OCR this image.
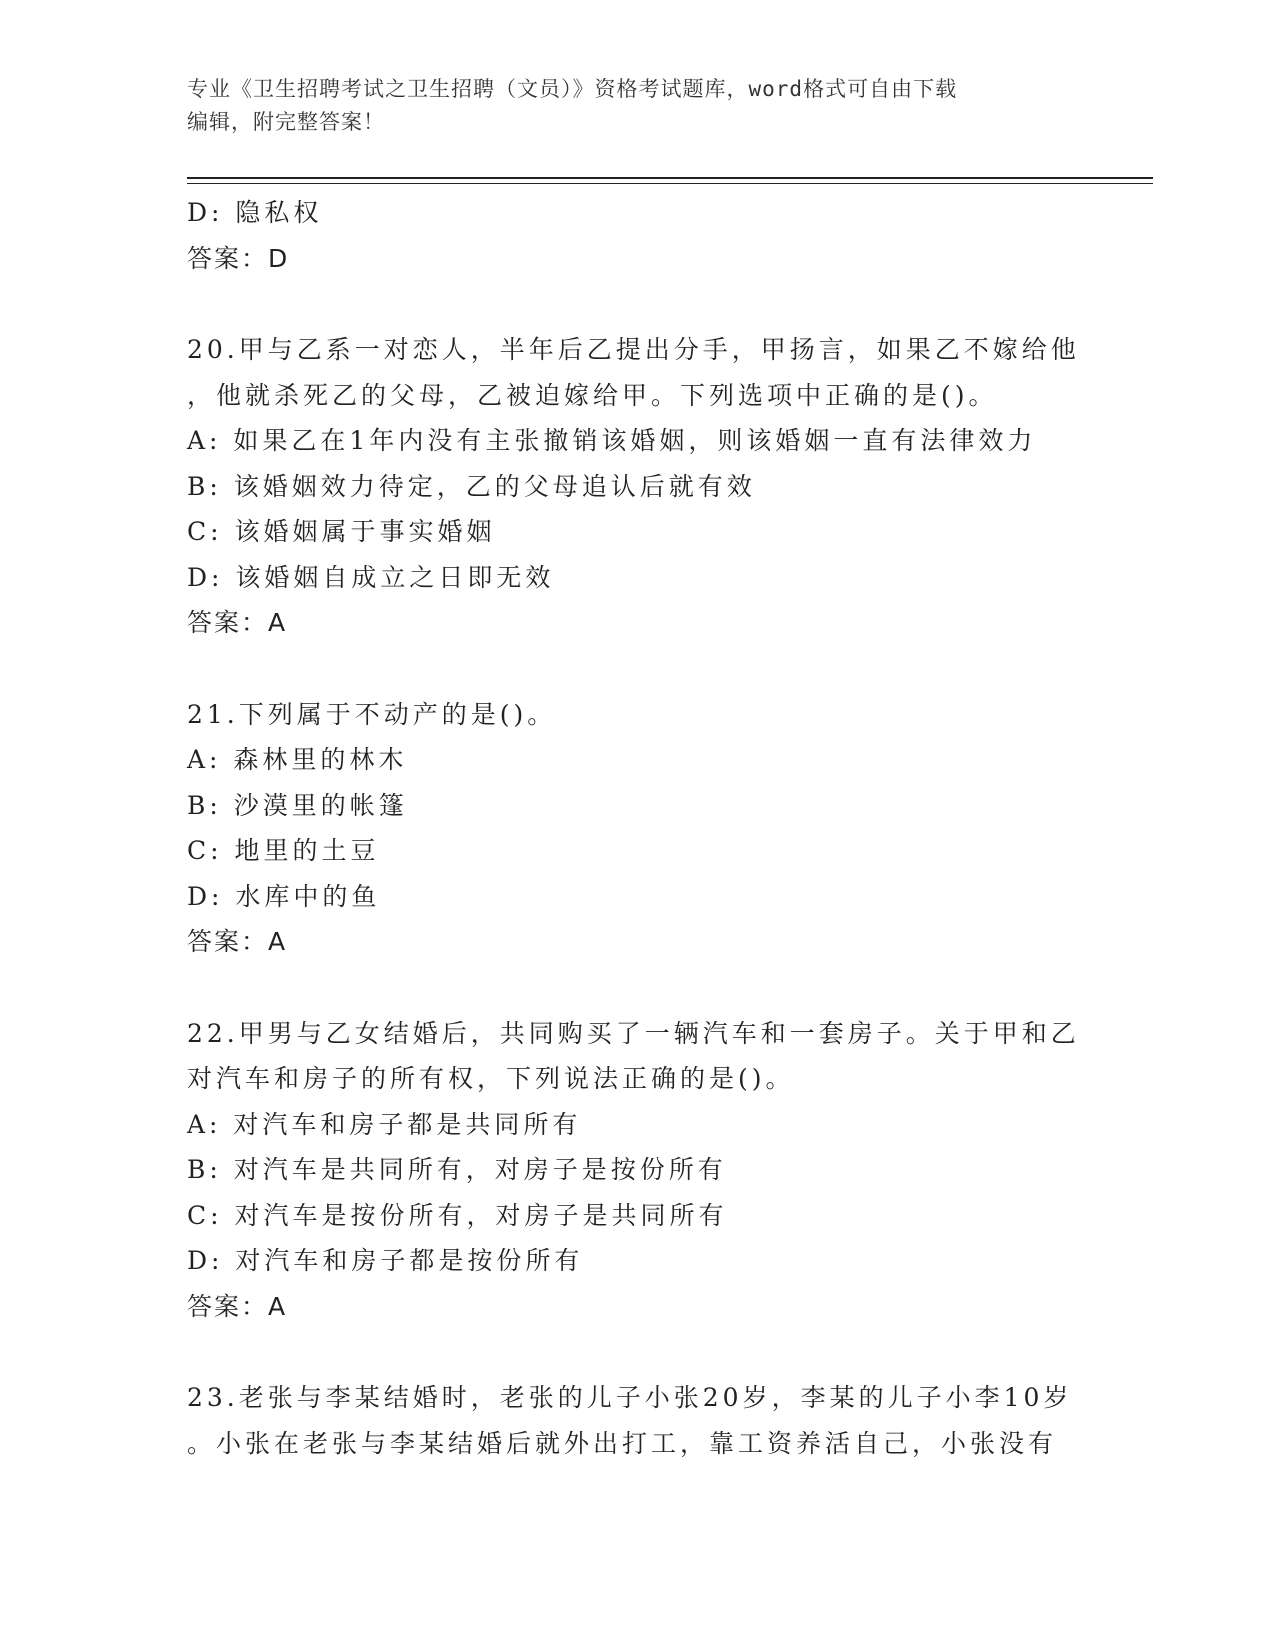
专业《卫生招聘考试之卫生招聘（文员）》资格考试题库，word格式可自由下载
编辑，附完整答案！
D: 隐私权
答案：D
20.甲与乙系一对恋人，半年后乙提出分手，甲扬言，如果乙不嫁给他
，他就杀死乙的父母，乙被迫嫁给甲。下列选项中正确的是()。
A: 如果乙在1年内没有主张撤销该婚姻，则该婚姻一直有法律效力
B: 该婚姻效力待定，乙的父母追认后就有效
C: 该婚姻属于事实婚姻
D: 该婚姻自成立之日即无效
答案：A
21.下列属于不动产的是()。
A: 森林里的林木
B: 沙漠里的帐篷
C: 地里的土豆
D: 水库中的鱼
答案：A
22.甲男与乙女结婚后，共同购买了一辆汽车和一套房子。关于甲和乙
对汽车和房子的所有权，下列说法正确的是()。
A: 对汽车和房子都是共同所有
B: 对汽车是共同所有，对房子是按份所有
C: 对汽车是按份所有，对房子是共同所有
D: 对汽车和房子都是按份所有
答案：A
23.老张与李某结婚时，老张的儿子小张20岁，李某的儿子小李10岁
。小张在老张与李某结婚后就外出打工，靠工资养活自己，小张没有
